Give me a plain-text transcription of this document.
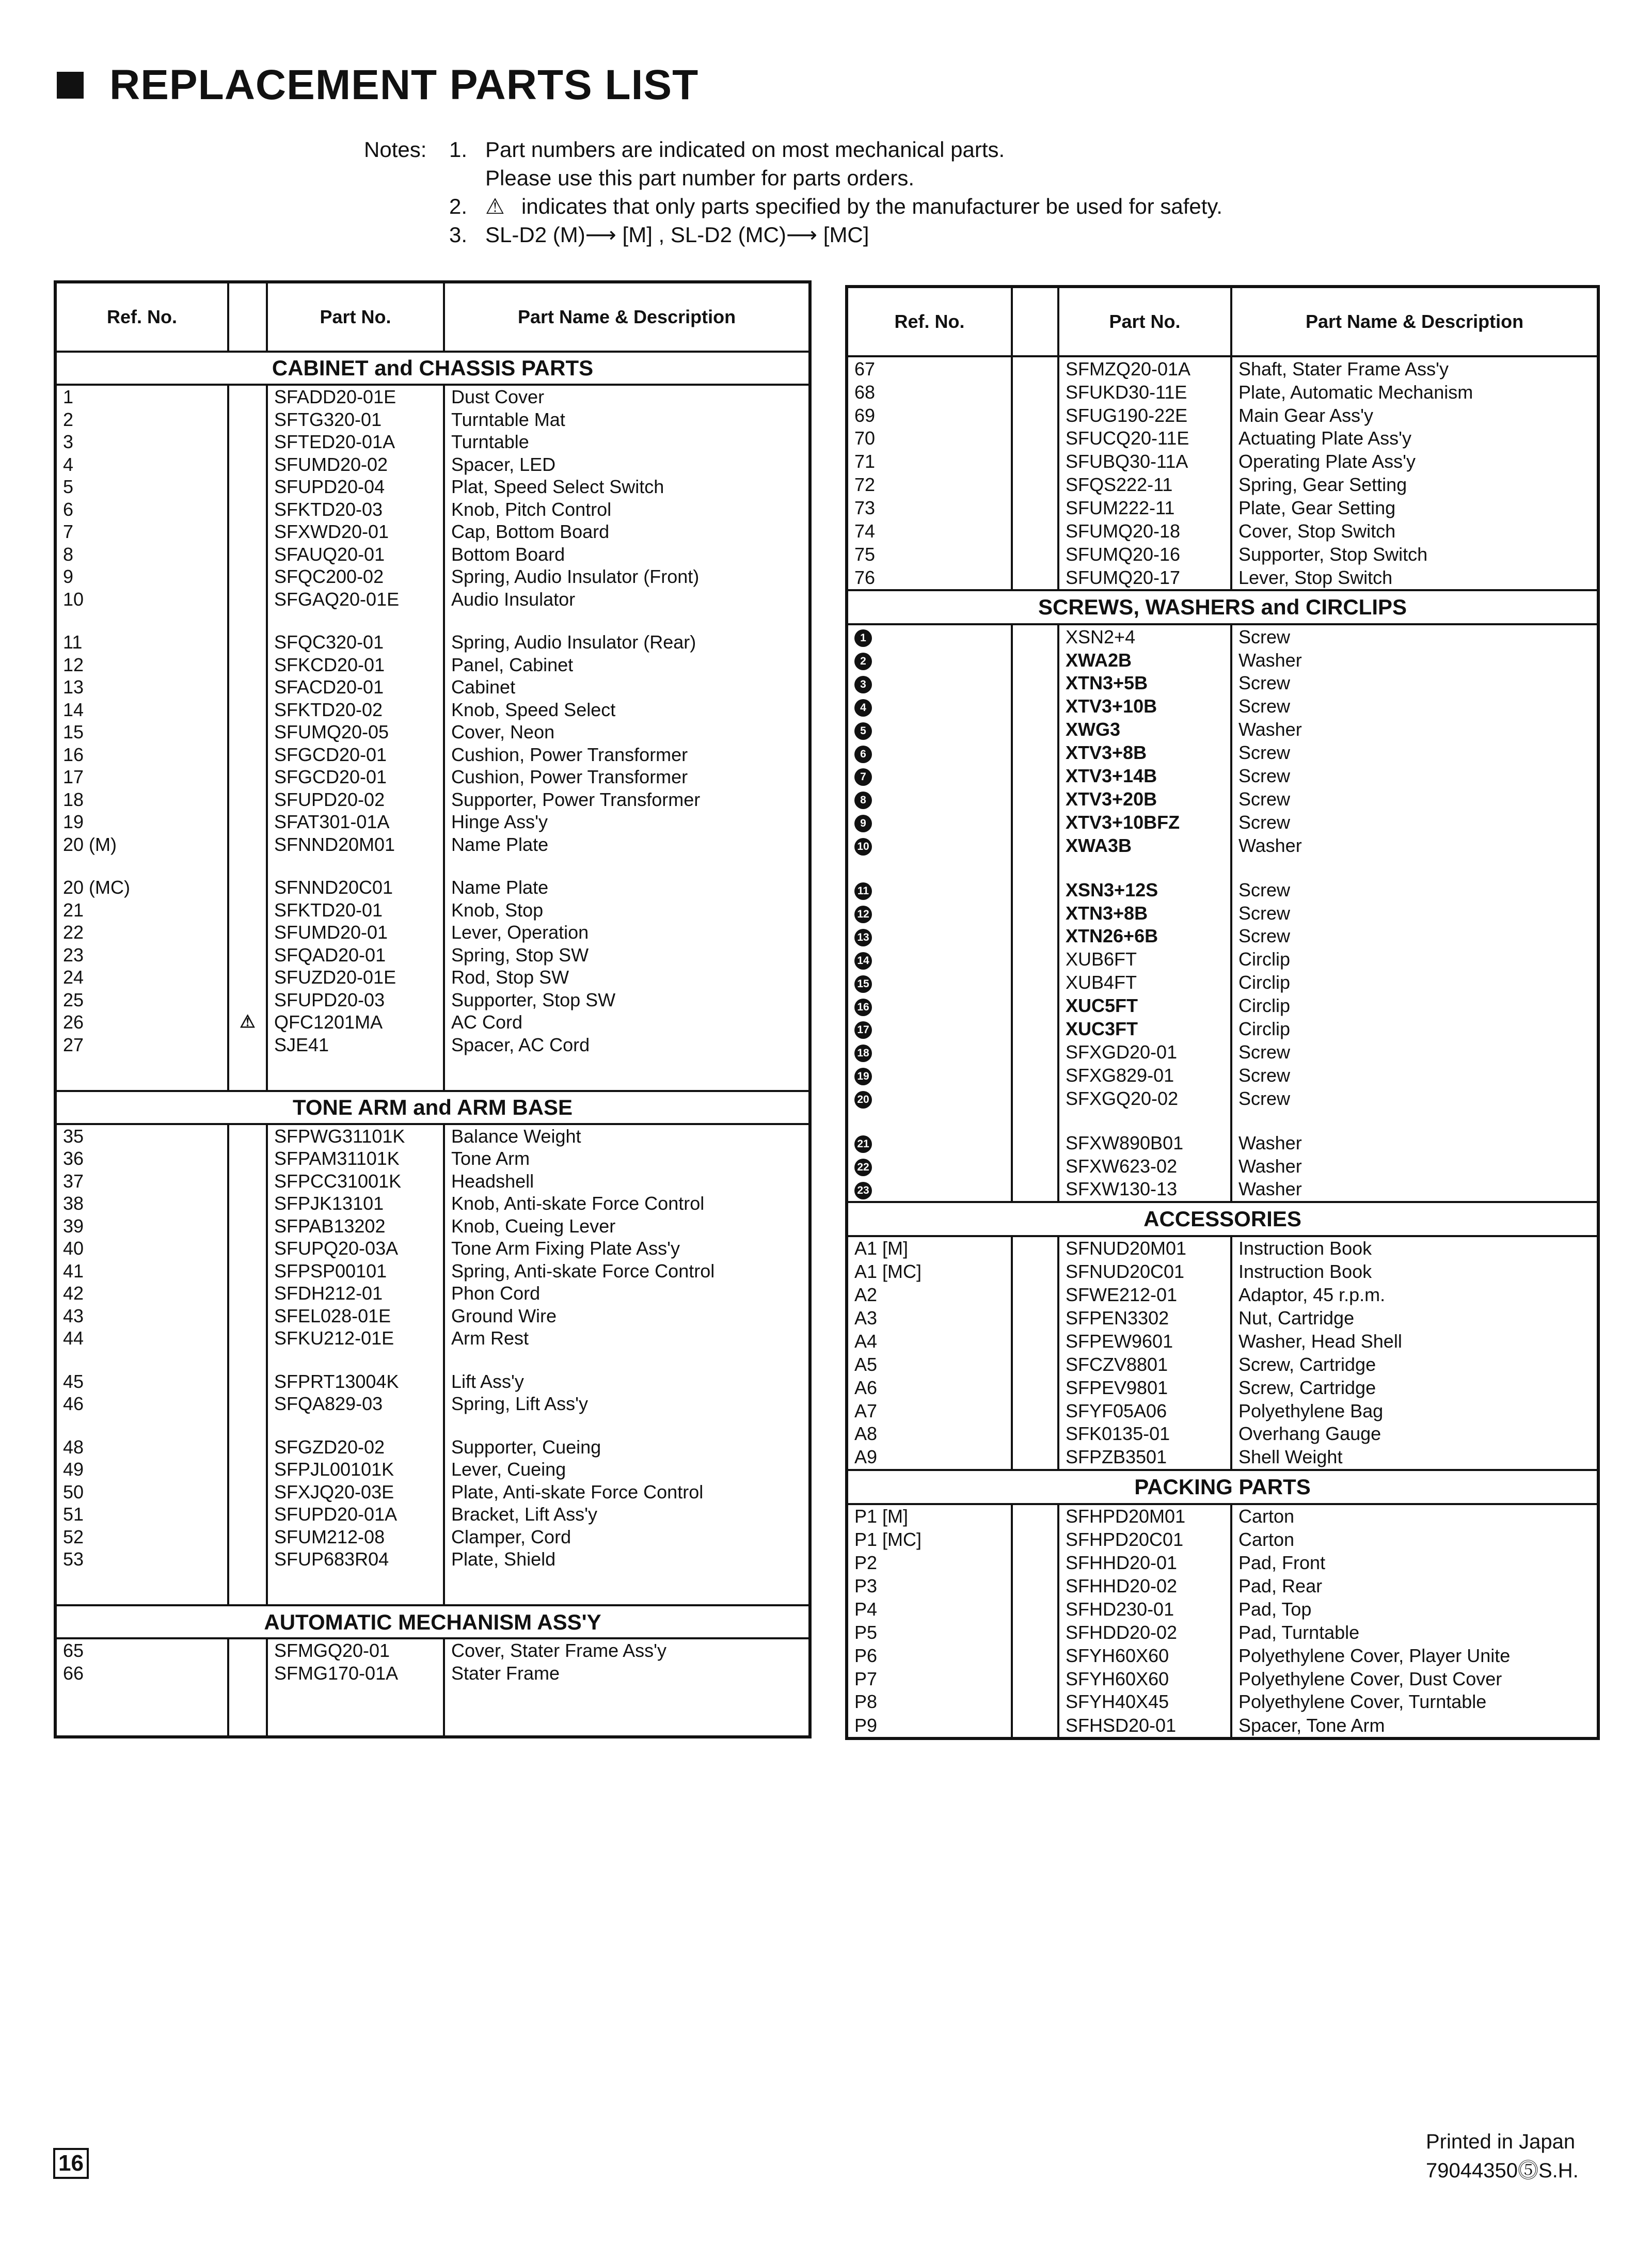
REPLACEMENT PARTS LIST
Notes: 1. Part numbers are indicated on most mechanical parts.
Please use this part number for parts orders.
2. ⚠ indicates that only parts specified by the manufacturer be used for safety.
3. SL-D2 (M)⟶ [M] , SL-D2 (MC)⟶ [MC]
Ref. No.		Part No.	Part Name & Description
CABINET and CHASSIS PARTS			
1		SFADD20-01E	Dust Cover
2		SFTG320-01	Turntable Mat
3		SFTED20-01A	Turntable
4		SFUMD20-02	Spacer, LED
5		SFUPD20-04	Plat, Speed Select Switch
6		SFKTD20-03	Knob, Pitch Control
7		SFXWD20-01	Cap, Bottom Board
8		SFAUQ20-01	Bottom Board
9		SFQC200-02	Spring, Audio Insulator (Front)
10		SFGAQ20-01E	Audio Insulator

11		SFQC320-01	Spring, Audio Insulator (Rear)
12		SFKCD20-01	Panel, Cabinet
13		SFACD20-01	Cabinet
14		SFKTD20-02	Knob, Speed Select
15		SFUMQ20-05	Cover, Neon
16		SFGCD20-01	Cushion, Power Transformer
17		SFGCD20-01	Cushion, Power Transformer
18		SFUPD20-02	Supporter, Power Transformer
19		SFAT301-01A	Hinge Ass'y
20 (M)		SFNND20M01	Name Plate

20 (MC)		SFNND20C01	Name Plate
21		SFKTD20-01	Knob, Stop
22		SFUMD20-01	Lever, Operation
23		SFQAD20-01	Spring, Stop SW
24		SFUZD20-01E	Rod, Stop SW
25		SFUPD20-03	Supporter, Stop SW
26	⚠	QFC1201MA	AC Cord
27		SJE41	Spacer, AC Cord

TONE ARM and ARM BASE			
35		SFPWG31101K	Balance Weight
36		SFPAM31101K	Tone Arm
37		SFPCC31001K	Headshell
38		SFPJK13101	Knob, Anti-skate Force Control
39		SFPAB13202	Knob, Cueing Lever
40		SFUPQ20-03A	Tone Arm Fixing Plate Ass'y
41		SFPSP00101	Spring, Anti-skate Force Control
42		SFDH212-01	Phon Cord
43		SFEL028-01E	Ground Wire
44		SFKU212-01E	Arm Rest

45		SFPRT13004K	Lift Ass'y
46		SFQA829-03	Spring, Lift Ass'y

48		SFGZD20-02	Supporter, Cueing
49		SFPJL00101K	Lever, Cueing
50		SFXJQ20-03E	Plate, Anti-skate Force Control
51		SFUPD20-01A	Bracket, Lift Ass'y
52		SFUM212-08	Clamper, Cord
53		SFUP683R04	Plate, Shield

AUTOMATIC MECHANISM ASS'Y			
65		SFMGQ20-01	Cover, Stater Frame Ass'y
66		SFMG170-01A	Stater Frame

Ref. No.		Part No.	Part Name & Description
67		SFMZQ20-01A	Shaft, Stater Frame Ass'y
68		SFUKD30-11E	Plate, Automatic Mechanism
69		SFUG190-22E	Main Gear Ass'y
70		SFUCQ20-11E	Actuating Plate Ass'y
71		SFUBQ30-11A	Operating Plate Ass'y
72		SFQS222-11	Spring, Gear Setting
73		SFUM222-11	Plate, Gear Setting
74		SFUMQ20-18	Cover, Stop Switch
75		SFUMQ20-16	Supporter, Stop Switch
76		SFUMQ20-17	Lever, Stop Switch
SCREWS, WASHERS and CIRCLIPS			
1		XSN2+4	Screw
2		XWA2B	Washer
3		XTN3+5B	Screw
4		XTV3+10B	Screw
5		XWG3	Washer
6		XTV3+8B	Screw
7		XTV3+14B	Screw
8		XTV3+20B	Screw
9		XTV3+10BFZ	Screw
10		XWA3B	Washer

11		XSN3+12S	Screw
12		XTN3+8B	Screw
13		XTN26+6B	Screw
14		XUB6FT	Circlip
15		XUB4FT	Circlip
16		XUC5FT	Circlip
17		XUC3FT	Circlip
18		SFXGD20-01	Screw
19		SFXG829-01	Screw
20		SFXGQ20-02	Screw

21		SFXW890B01	Washer
22		SFXW623-02	Washer
23		SFXW130-13	Washer
ACCESSORIES			
A1 [M]		SFNUD20M01	Instruction Book
A1 [MC]		SFNUD20C01	Instruction Book
A2		SFWE212-01	Adaptor, 45 r.p.m.
A3		SFPEN3302	Nut, Cartridge
A4		SFPEW9601	Washer, Head Shell
A5		SFCZV8801	Screw, Cartridge
A6		SFPEV9801	Screw, Cartridge
A7		SFYF05A06	Polyethylene Bag
A8		SFK0135-01	Overhang Gauge
A9		SFPZB3501	Shell Weight
PACKING PARTS			
P1 [M]		SFHPD20M01	Carton
P1 [MC]		SFHPD20C01	Carton
P2		SFHHD20-01	Pad, Front
P3		SFHHD20-02	Pad, Rear
P4		SFHD230-01	Pad, Top
P5		SFHDD20-02	Pad, Turntable
P6		SFYH60X60	Polyethylene Cover, Player Unite
P7		SFYH60X60	Polyethylene Cover, Dust Cover
P8		SFYH40X45	Polyethylene Cover, Turntable
P9		SFHSD20-01	Spacer, Tone Arm
16
Printed in Japan
79044350⓹S.H.
